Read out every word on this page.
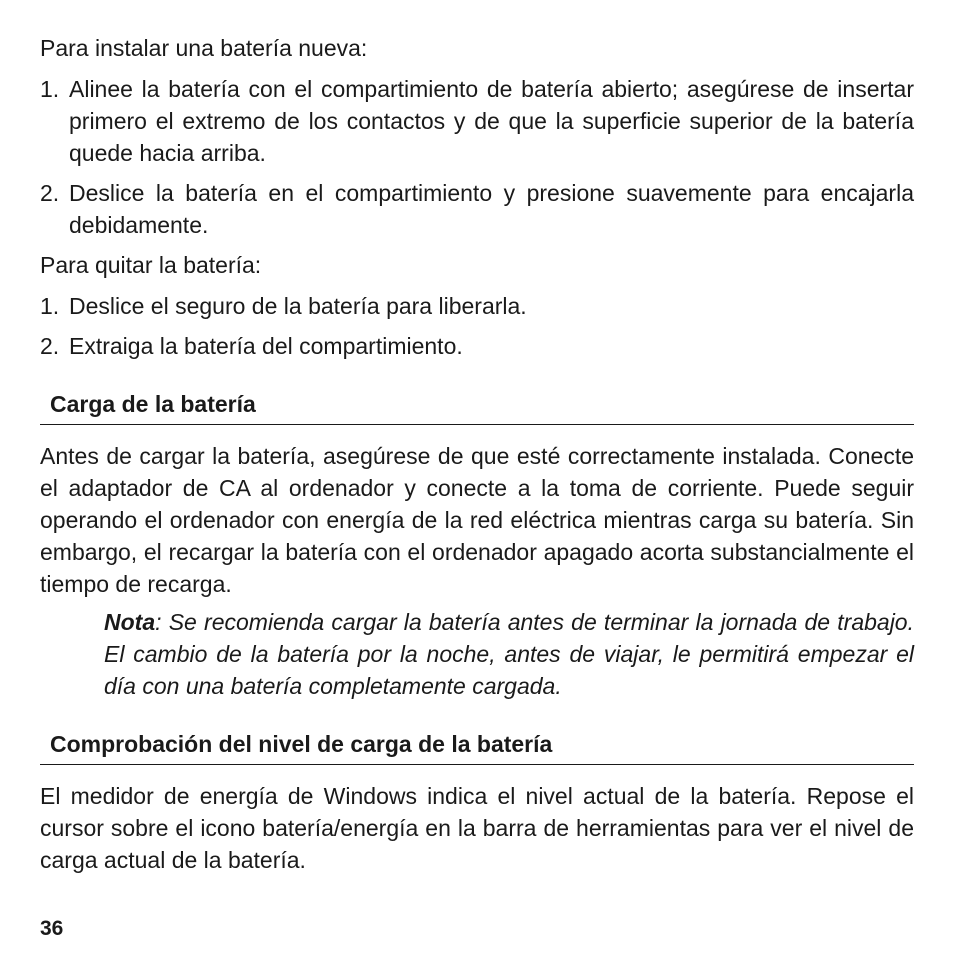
Para instalar una batería nueva:

1. Alinee la batería con el compartimiento de batería abierto; asegúrese de insertar primero el extremo de los contactos y de que la superficie superior de la batería quede hacia arriba.
2. Deslice la batería en el compartimiento y presione suavemente para encajarla debidamente.

Para quitar la batería:

1. Deslice el seguro de la batería para liberarla.
2. Extraiga la batería del compartimiento.
Carga de la batería

Antes de cargar la batería, asegúrese de que esté correctamente instalada. Conecte el adaptador de CA al ordenador y conecte a la toma de corriente. Puede seguir operando el ordenador con energía de la red eléctrica mientras carga su batería. Sin embargo, el recargar la batería con el ordenador apagado acorta substancialmente el tiempo de recarga.

Nota: Se recomienda cargar la batería antes de terminar la jornada de trabajo. El cambio de la batería por la noche, antes de viajar, le permitirá empezar el día con una batería completamente cargada.

Comprobación del nivel de carga de la batería

El medidor de energía de Windows indica el nivel actual de la batería. Repose el cursor sobre el icono batería/energía en la barra de herramientas para ver el nivel de carga actual de la batería.

36
